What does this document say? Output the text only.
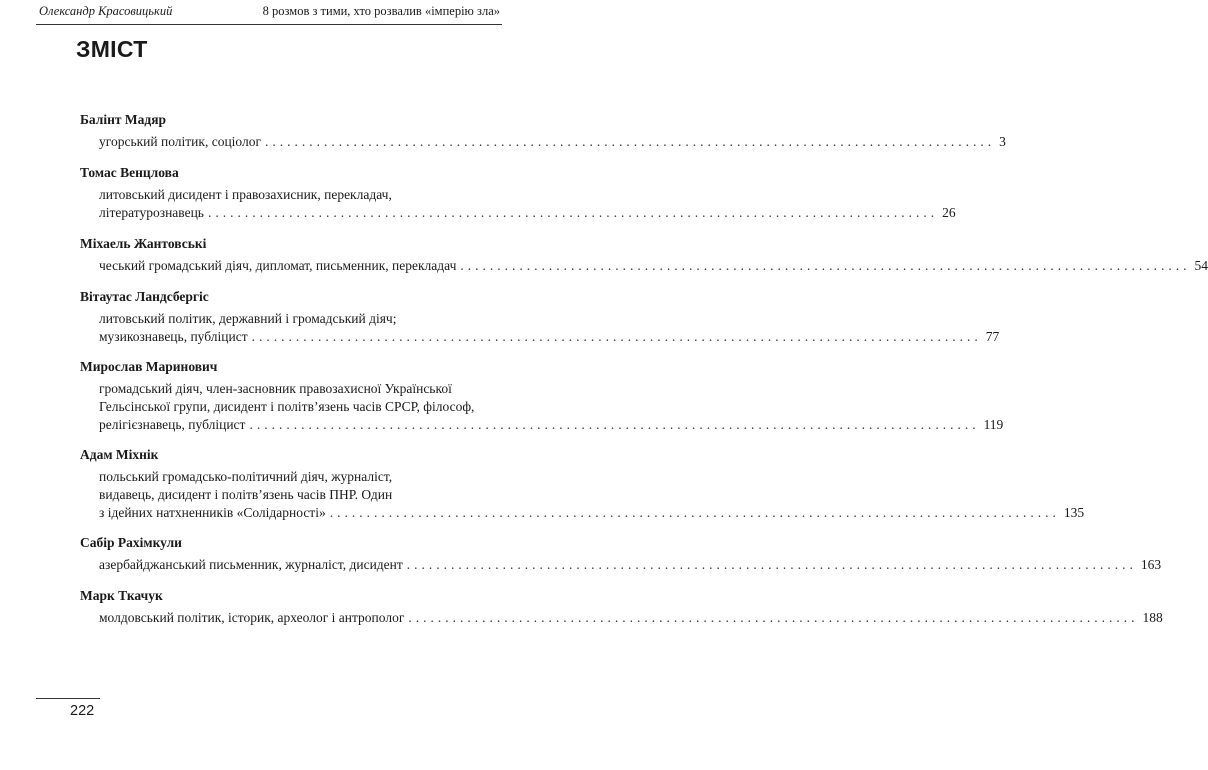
Олександр Красовицький	8 розмов з тими, хто розвалив «імперію зла»
ЗМІСТ
Балінт Мадяр
угорський політик, соціолог ................................................................................................... 3
Томас Венцлова
литовський дисидент і правозахисник, перекладач,
літературознавець ................................................................................................... 26
Міхаель Жантовські
чеський громадський діяч, дипломат, письменник, перекладач ................................................................................................... 54
Вітаутас Ландсбергіс
литовський політик, державний і громадський діяч;
музикознавець, публіцист ................................................................................................... 77
Мирослав Маринович
громадський діяч, член-засновник правозахисної Української
Гельсінської групи, дисидент і політв’язень часів СРСР, філософ,
релігієзнавець, публіцист ................................................................................................... 119
Адам Міхнік
польський громадсько-політичний діяч, журналіст,
видавець, дисидент і політв’язень часів ПНР. Один
з ідейних натхненників «Солідарності» ................................................................................................... 135
Сабір Рахімкули
азербайджанський письменник, журналіст, дисидент ................................................................................................... 163
Марк Ткачук
молдовський політик, історик, археолог і антрополог ................................................................................................... 188
222
